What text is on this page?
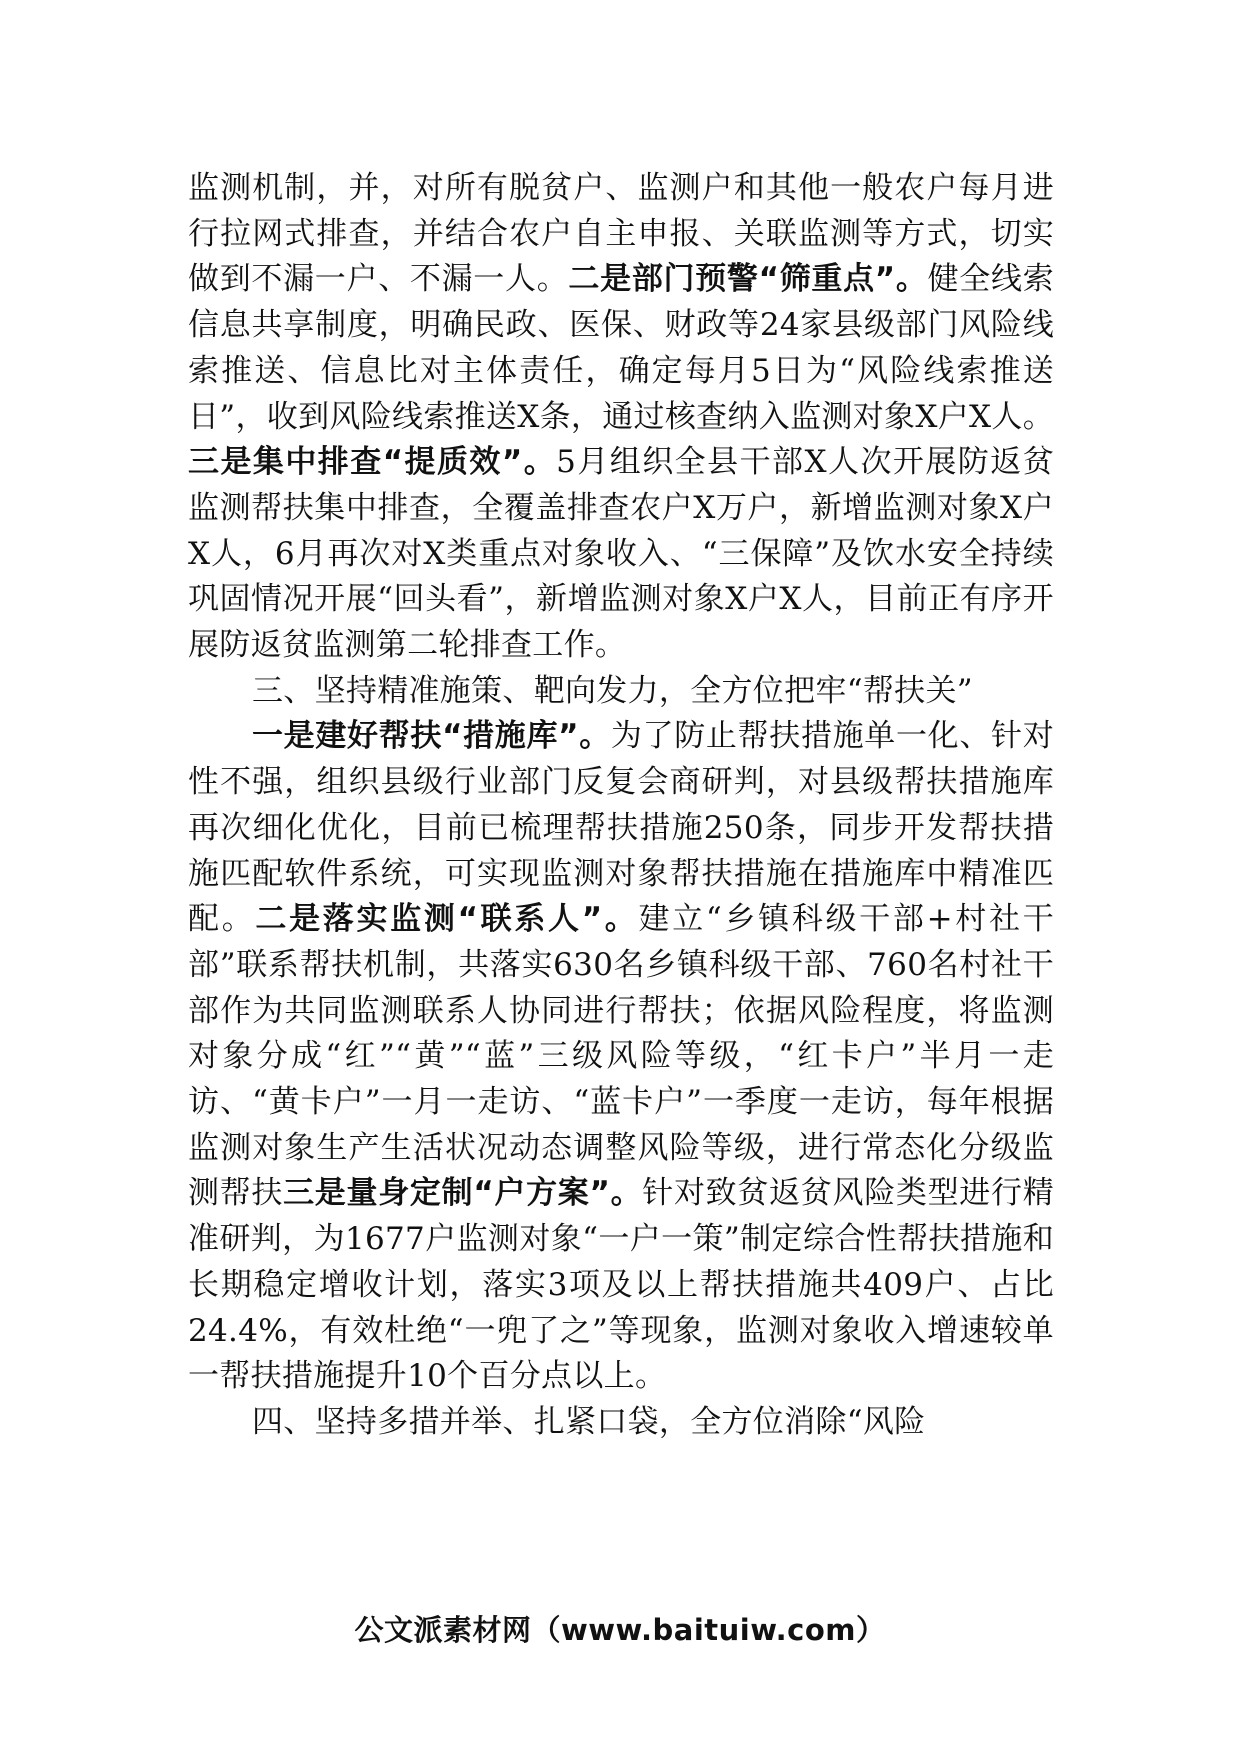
监测机制，并，对所有脱贫户、监测户和其他一般农户每月进行拉网式排查，并结合农户自主申报、关联监测等方式，切实做到不漏一户、不漏一人。二是部门预警“筛重点”。健全线索信息共享制度，明确民政、医保、财政等24家县级部门风险线索推送、信息比对主体责任，确定每月5日为“风险线索推送日”，收到风险线索推送X条，通过核查纳入监测对象X户X人。三是集中排查“提质效”。5月组织全县干部X人次开展防返贫监测帮扶集中排查，全覆盖排查农户X万户，新增监测对象X户X人，6月再次对X类重点对象收入、“三保障”及饮水安全持续巩固情况开展“回头看”，新增监测对象X户X人，目前正有序开展防返贫监测第二轮排查工作。

三、坚持精准施策、靶向发力，全方位把牢“帮扶关”

一是建好帮扶“措施库”。为了防止帮扶措施单一化、针对性不强，组织县级行业部门反复会商研判，对县级帮扶措施库再次细化优化，目前已梳理帮扶措施250条，同步开发帮扶措施匹配软件系统，可实现监测对象帮扶措施在措施库中精准匹配。二是落实监测“联系人”。建立“乡镇科级干部+村社干部”联系帮扶机制，共落实630名乡镇科级干部、760名村社干部作为共同监测联系人协同进行帮扶；依据风险程度，将监测对象分成“红”“黄”“蓝”三级风险等级，“红卡户”半月一走访、“黄卡户”一月一走访、“蓝卡户”一季度一走访，每年根据监测对象生产生活状况动态调整风险等级，进行常态化分级监测帮扶三是量身定制“户方案”。针对致贫返贫风险类型进行精准研判，为1677户监测对象“一户一策”制定综合性帮扶措施和长期稳定增收计划，落实3项及以上帮扶措施共409户、占比24.4%，有效杜绝“一兜了之”等现象，监测对象收入增速较单一帮扶措施提升10个百分点以上。

四、坚持多措并举、扎紧口袋，全方位消除“风险

公文派素材网（www.baituiw.com）
